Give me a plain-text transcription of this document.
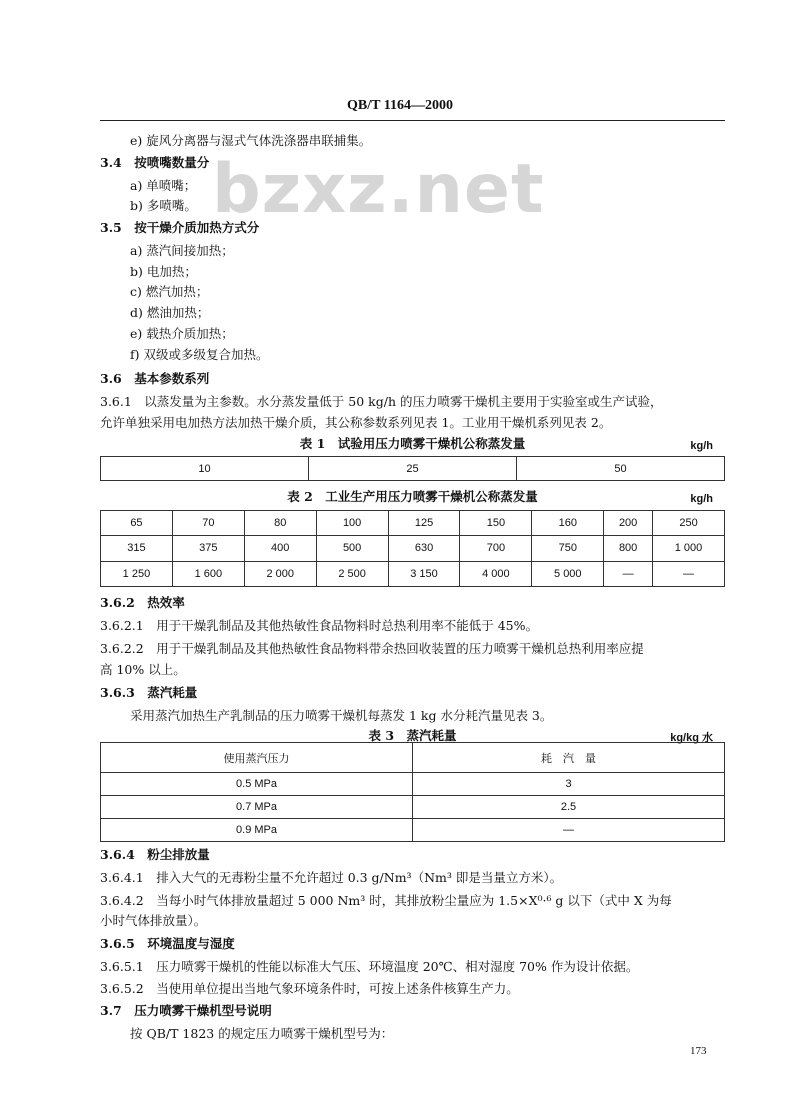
QB/T 1164—2000
bzxz.net
e) 旋风分离器与湿式气体洗涤器串联捕集。
3.4　按喷嘴数量分
a) 单喷嘴；
b) 多喷嘴。
3.5　按干燥介质加热方式分
a) 蒸汽间接加热；
b) 电加热；
c) 燃汽加热；
d) 燃油加热；
e) 载热介质加热；
f) 双级或多级复合加热。
3.6　基本参数系列
3.6.1　以蒸发量为主参数。水分蒸发量低于 50 kg/h 的压力喷雾干燥机主要用于实验室或生产试验，
允许单独采用电加热方法加热干燥介质，其公称参数系列见表 1。工业用干燥机系列见表 2。
表 1　试验用压力喷雾干燥机公称蒸发量	kg/h
10	25	50
表 2　工业生产用压力喷雾干燥机公称蒸发量	kg/h
65	70	80	100	125	150	160	200	250
315	375	400	500	630	700	750	800	1 000
1 250	1 600	2 000	2 500	3 150	4 000	5 000	—	—
3.6.2　热效率
3.6.2.1　用于干燥乳制品及其他热敏性食品物料时总热利用率不能低于 45%。
3.6.2.2　用于干燥乳制品及其他热敏性食品物料带余热回收装置的压力喷雾干燥机总热利用率应提
高 10% 以上。
3.6.3　蒸汽耗量
采用蒸汽加热生产乳制品的压力喷雾干燥机每蒸发 1 kg 水分耗汽量见表 3。
表 3　蒸汽耗量	kg/kg 水
使用蒸汽压力	耗　汽　量
0.5 MPa	3
0.7 MPa	2.5
0.9 MPa	—
3.6.4　粉尘排放量
3.6.4.1　排入大气的无毒粉尘量不允许超过 0.3 g/Nm³（Nm³ 即是当量立方米）。
3.6.4.2　当每小时气体排放量超过 5 000 Nm³ 时，其排放粉尘量应为 1.5×X⁰·⁶ g 以下（式中 X 为每
小时气体排放量）。
3.6.5　环境温度与湿度
3.6.5.1　压力喷雾干燥机的性能以标准大气压、环境温度 20℃、相对湿度 70% 作为设计依据。
3.6.5.2　当使用单位提出当地气象环境条件时，可按上述条件核算生产力。
3.7　压力喷雾干燥机型号说明
按 QB/T 1823 的规定压力喷雾干燥机型号为：
173
